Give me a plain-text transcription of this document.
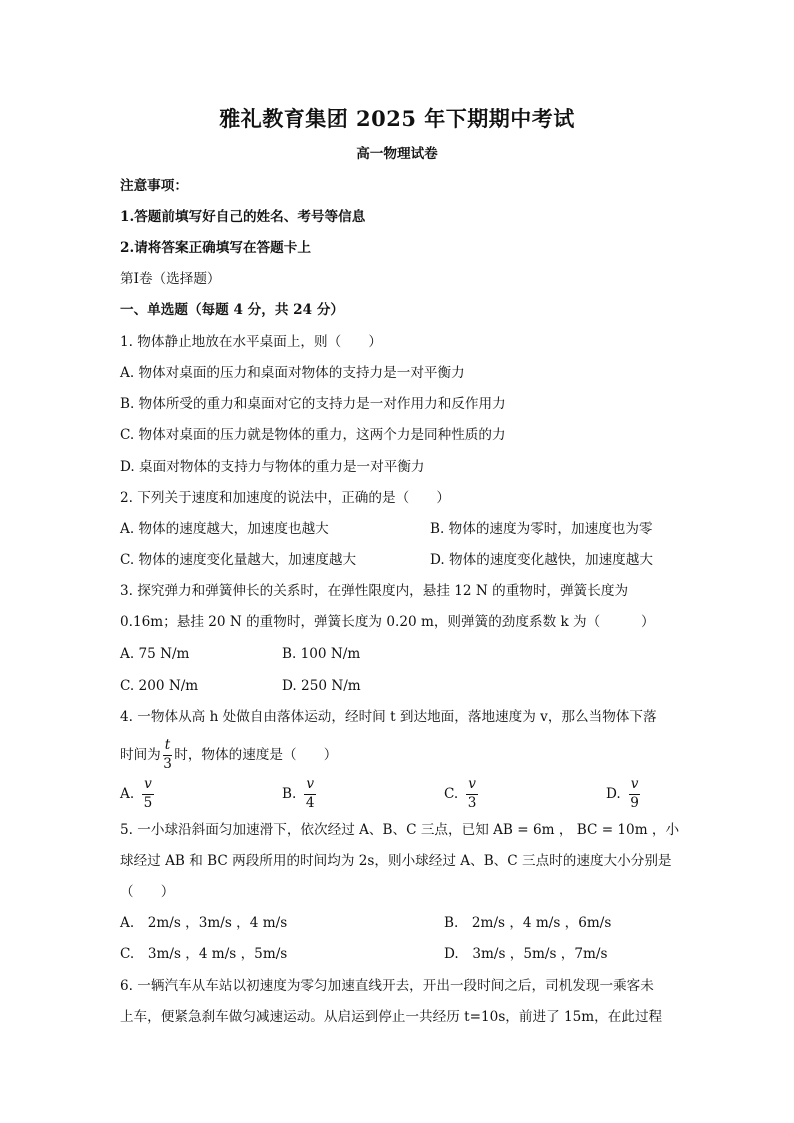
雅礼教育集团 2025 年下期期中考试
高一物理试卷
注意事项：
1.答题前填写好自己的姓名、考号等信息
2.请将答案正确填写在答题卡上
第Ⅰ卷（选择题）
一、单选题（每题 4 分，共 24 分）
1. 物体静止地放在水平桌面上，则（　　）
A. 物体对桌面的压力和桌面对物体的支持力是一对平衡力
B. 物体所受的重力和桌面对它的支持力是一对作用力和反作用力
C. 物体对桌面的压力就是物体的重力，这两个力是同种性质的力
D. 桌面对物体的支持力与物体的重力是一对平衡力
2. 下列关于速度和加速度的说法中，正确的是（　　）
A. 物体的速度越大，加速度也越大	B. 物体的速度为零时，加速度也为零
C. 物体的速度变化量越大，加速度越大	D. 物体的速度变化越快，加速度越大
3. 探究弹力和弹簧伸长的关系时，在弹性限度内，悬挂 12 N 的重物时，弹簧长度为
0.16m；悬挂 20 N 的重物时，弹簧长度为 0.20 m，则弹簧的劲度系数 k 为（　　　）
A. 75 N/m	B. 100 N/m
C. 200 N/m	D. 250 N/m
4. 一物体从高 h 处做自由落体运动，经时间 t 到达地面，落地速度为 v，那么当物体下落
时间为 $\frac{t}{3}$ 时，物体的速度是（　　）
A. $\frac{v}{5}$	B. $\frac{v}{4}$	C. $\frac{v}{3}$	D. $\frac{v}{9}$
5. 一小球沿斜面匀加速滑下，依次经过 A、B、C 三点，已知 AB = 6m ， BC = 10m ，小
球经过 AB 和 BC 两段所用的时间均为 2s，则小球经过 A、B、C 三点时的速度大小分别是
（　　）
A.　2m/s ，3m/s ，4 m/s	B.　2m/s ，4 m/s ，6m/s
C.　3m/s ，4 m/s ，5m/s	D.　3m/s ，5m/s ，7m/s
6. 一辆汽车从车站以初速度为零匀加速直线开去，开出一段时间之后，司机发现一乘客未
上车，便紧急刹车做匀减速运动。从启运到停止一共经历 t=10s，前进了 15m，在此过程
